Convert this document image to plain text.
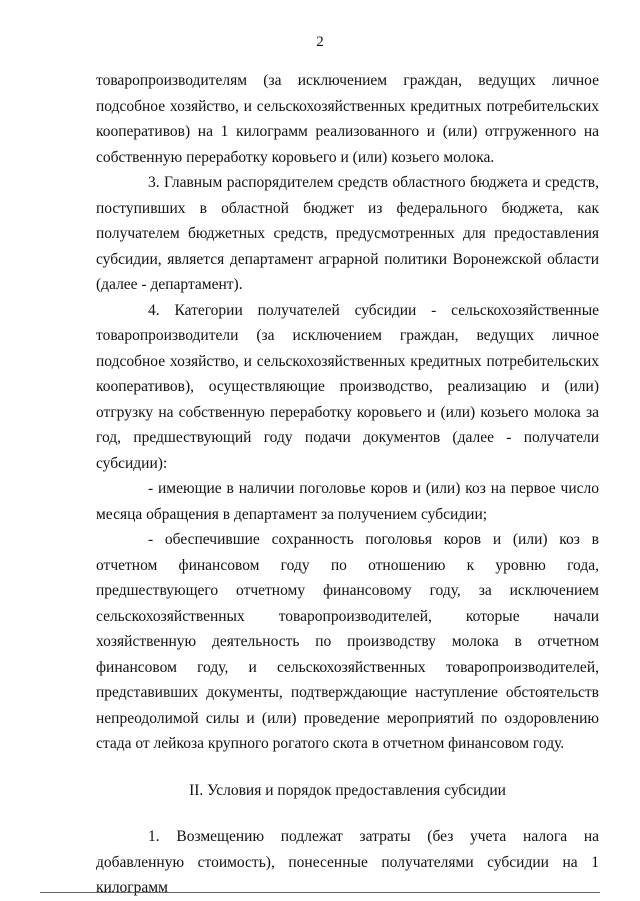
2

товаропроизводителям (за исключением граждан, ведущих личное подсобное хозяйство, и сельскохозяйственных кредитных потребительских кооперативов) на 1 килограмм реализованного и (или) отгруженного на собственную переработку коровьего и (или) козьего молока.

3. Главным распорядителем средств областного бюджета и средств, поступивших в областной бюджет из федерального бюджета, как получателем бюджетных средств, предусмотренных для предоставления субсидии, является департамент аграрной политики Воронежской области (далее - департамент).

4. Категории получателей субсидии - сельскохозяйственные товаропроизводители (за исключением граждан, ведущих личное подсобное хозяйство, и сельскохозяйственных кредитных потребительских кооперативов), осуществляющие производство, реализацию и (или) отгрузку на собственную переработку коровьего и (или) козьего молока за год, предшествующий году подачи документов (далее - получатели субсидии):

- имеющие в наличии поголовье коров и (или) коз на первое число месяца обращения в департамент за получением субсидии;

- обеспечившие сохранность поголовья коров и (или) коз в отчетном финансовом году по отношению к уровню года, предшествующего отчетному финансовому году, за исключением сельскохозяйственных товаропроизводителей, которые начали хозяйственную деятельность по производству молока в отчетном финансовом году, и сельскохозяйственных товаропроизводителей, представивших документы, подтверждающие наступление обстоятельств непреодолимой силы и (или) проведение мероприятий по оздоровлению стада от лейкоза крупного рогатого скота в отчетном финансовом году.

II. Условия и порядок предоставления субсидии

1. Возмещению подлежат затраты (без учета налога на добавленную стоимость), понесенные получателями субсидии на 1 килограмм
